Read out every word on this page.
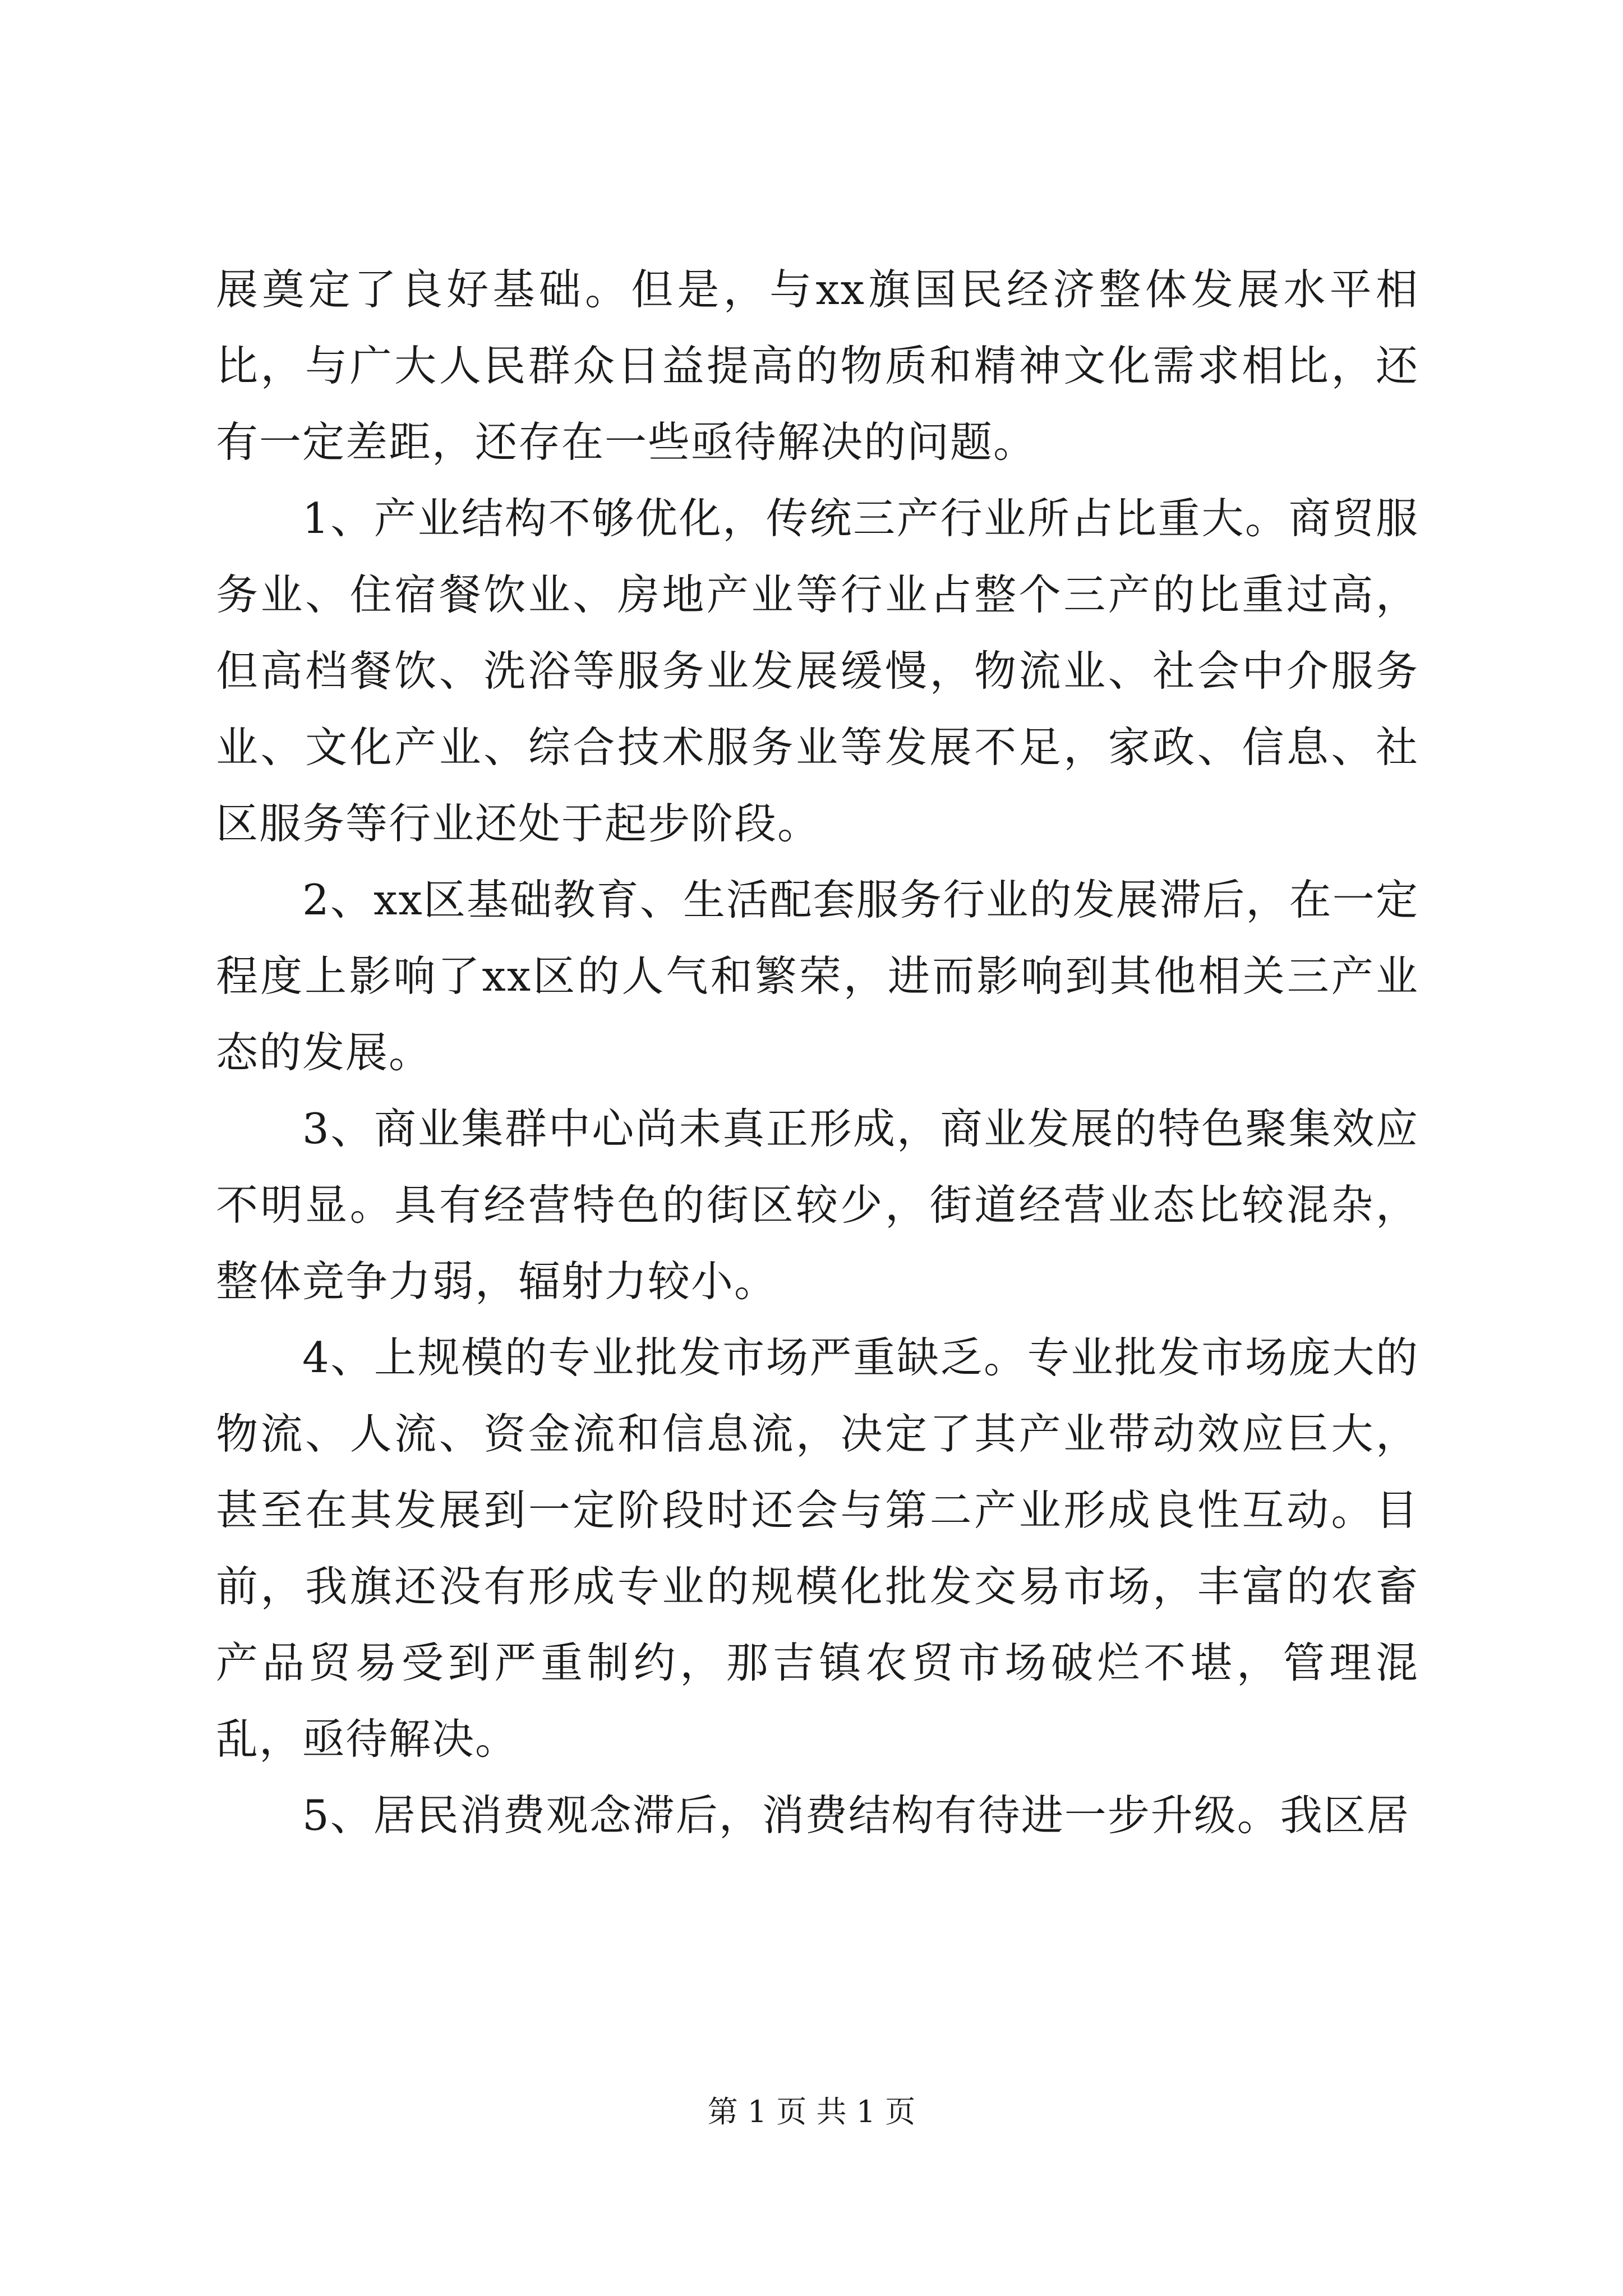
展奠定了良好基础。但是，与xx旗国民经济整体发展水平相比，与广大人民群众日益提高的物质和精神文化需求相比，还有一定差距，还存在一些亟待解决的问题。

1、产业结构不够优化，传统三产行业所占比重大。商贸服务业、住宿餐饮业、房地产业等行业占整个三产的比重过高，但高档餐饮、洗浴等服务业发展缓慢，物流业、社会中介服务业、文化产业、综合技术服务业等发展不足，家政、信息、社区服务等行业还处于起步阶段。

2、xx区基础教育、生活配套服务行业的发展滞后，在一定程度上影响了xx区的人气和繁荣，进而影响到其他相关三产业态的发展。

3、商业集群中心尚未真正形成，商业发展的特色聚集效应不明显。具有经营特色的街区较少，街道经营业态比较混杂，整体竞争力弱，辐射力较小。

4、上规模的专业批发市场严重缺乏。专业批发市场庞大的物流、人流、资金流和信息流，决定了其产业带动效应巨大，甚至在其发展到一定阶段时还会与第二产业形成良性互动。目前，我旗还没有形成专业的规模化批发交易市场，丰富的农畜产品贸易受到严重制约，那吉镇农贸市场破烂不堪，管理混乱，亟待解决。

5、居民消费观念滞后，消费结构有待进一步升级。我区居

第 1 页 共 1 页
